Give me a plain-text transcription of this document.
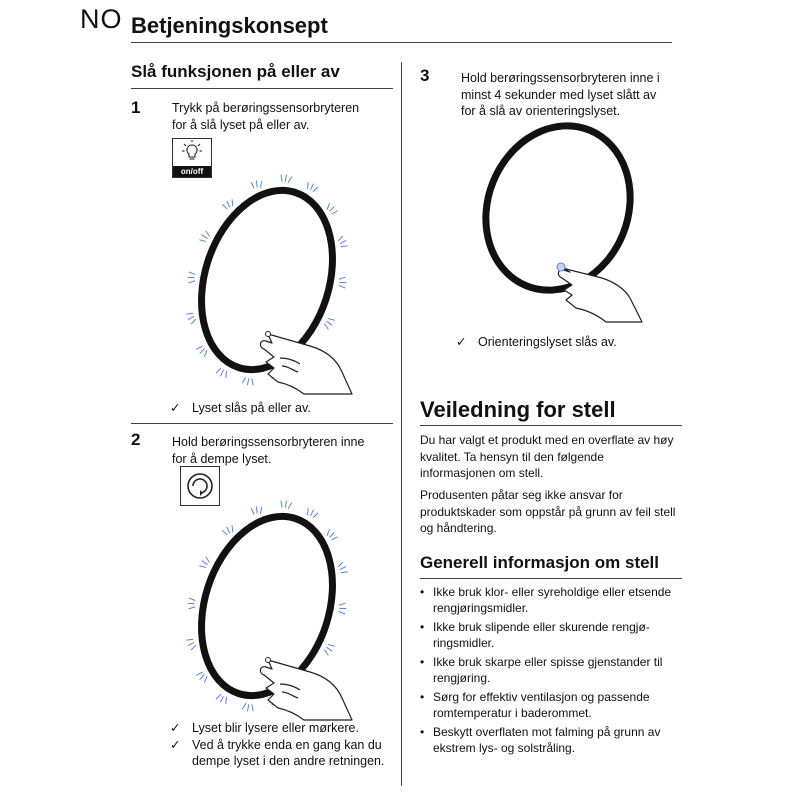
NO Betjeningskonsept
Slå funksjonen på eller av
1	Trykk på berøringssensorbryteren for å slå lyset på eller av.
on/off
✓ Lyset slås på eller av.
2	Hold berøringssensorbryteren inne for å dempe lyset.
✓ Lyset blir lysere eller mørkere.
✓ Ved å trykke enda en gang kan du dempe lyset i den andre retningen.
3	Hold berøringssensorbryteren inne i minst 4 sekunder med lyset slått av for å slå av orienteringslyset.
✓ Orienteringslyset slås av.
Veiledning for stell
Du har valgt et produkt med en overflate av høy kvalitet. Ta hensyn til den følgende informasjonen om stell.
Produsenten påtar seg ikke ansvar for produktskader som oppstår på grunn av feil stell og håndtering.
Generell informasjon om stell
• Ikke bruk klor- eller syreholdige eller etsende rengjøringsmidler.
• Ikke bruk slipende eller skurende rengjøringsmidler.
• Ikke bruk skarpe eller spisse gjenstander til rengjøring.
• Sørg for effektiv ventilasjon og passende romtemperatur i baderommet.
• Beskytt overflaten mot falming på grunn av ekstrem lys- og solstråling.
